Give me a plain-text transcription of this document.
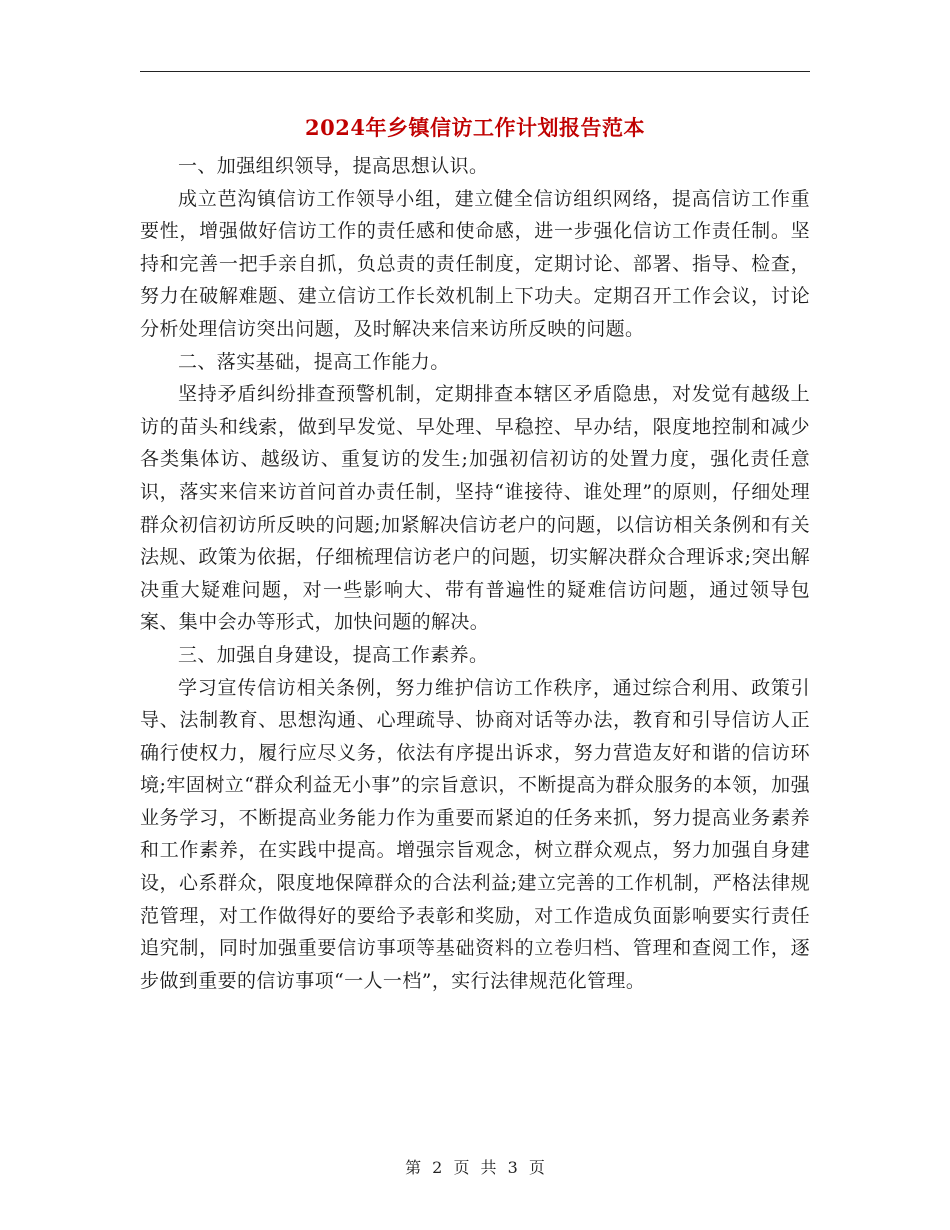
2024年乡镇信访工作计划报告范本

一、加强组织领导，提高思想认识。

成立芭沟镇信访工作领导小组，建立健全信访组织网络，提高信访工作重要性，增强做好信访工作的责任感和使命感，进一步强化信访工作责任制。坚持和完善一把手亲自抓，负总责的责任制度，定期讨论、部署、指导、检查，努力在破解难题、建立信访工作长效机制上下功夫。定期召开工作会议，讨论分析处理信访突出问题，及时解决来信来访所反映的问题。

二、落实基础，提高工作能力。

坚持矛盾纠纷排查预警机制，定期排查本辖区矛盾隐患，对发觉有越级上访的苗头和线索，做到早发觉、早处理、早稳控、早办结，限度地控制和减少各类集体访、越级访、重复访的发生;加强初信初访的处置力度，强化责任意识，落实来信来访首问首办责任制，坚持“谁接待、谁处理”的原则，仔细处理群众初信初访所反映的问题;加紧解决信访老户的问题，以信访相关条例和有关法规、政策为依据，仔细梳理信访老户的问题，切实解决群众合理诉求;突出解决重大疑难问题，对一些影响大、带有普遍性的疑难信访问题，通过领导包案、集中会办等形式，加快问题的解决。

三、加强自身建设，提高工作素养。

学习宣传信访相关条例，努力维护信访工作秩序，通过综合利用、政策引导、法制教育、思想沟通、心理疏导、协商对话等办法，教育和引导信访人正确行使权力，履行应尽义务，依法有序提出诉求，努力营造友好和谐的信访环境;牢固树立“群众利益无小事”的宗旨意识，不断提高为群众服务的本领，加强业务学习，不断提高业务能力作为重要而紧迫的任务来抓，努力提高业务素养和工作素养，在实践中提高。增强宗旨观念，树立群众观点，努力加强自身建设，心系群众，限度地保障群众的合法利益;建立完善的工作机制，严格法律规范管理，对工作做得好的要给予表彰和奖励，对工作造成负面影响要实行责任追究制，同时加强重要信访事项等基础资料的立卷归档、管理和查阅工作，逐步做到重要的信访事项“一人一档”，实行法律规范化管理。

第 2 页 共 3 页
